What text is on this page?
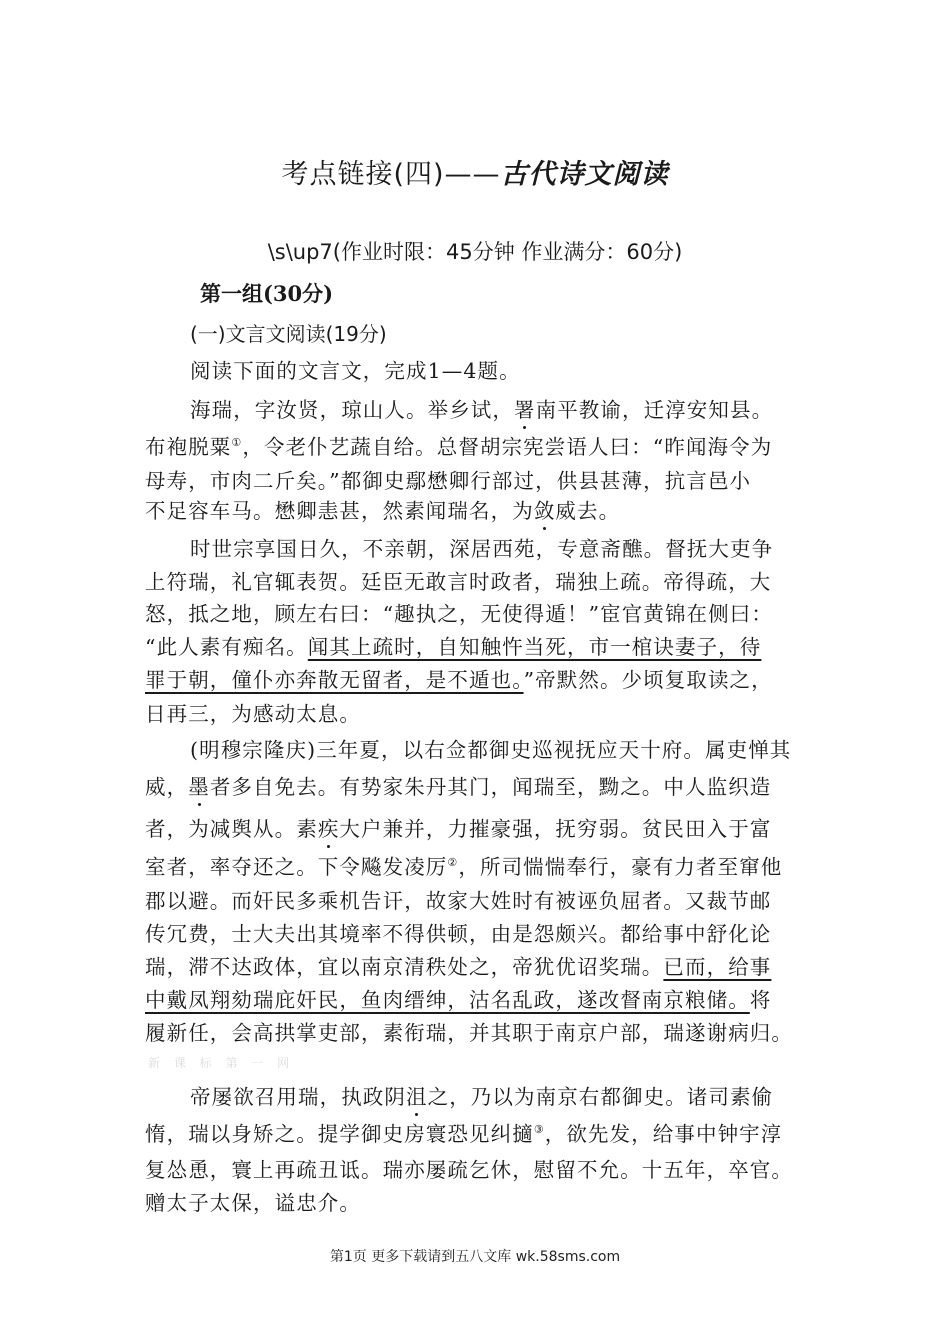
考点链接(四)——古代诗文阅读
\s\up7(作业时限：45分钟 作业满分：60分)
第一组(30分)
(一)文言文阅读(19分)
阅读下面的文言文，完成1—4题。
海瑞，字汝贤，琼山人。举乡试，署南平教谕，迁淳安知县。
布袍脱粟①，令老仆艺蔬自给。总督胡宗宪尝语人曰：“昨闻海令为
母寿，市肉二斤矣。”都御史鄢懋卿行部过，供县甚薄，抗言邑小
不足容车马。懋卿恚甚，然素闻瑞名，为敛威去。
时世宗享国日久，不亲朝，深居西苑，专意斋醮。督抚大吏争
上符瑞，礼官辄表贺。廷臣无敢言时政者，瑞独上疏。帝得疏，大
怒，抵之地，顾左右曰：“趣执之，无使得遁！”宦官黄锦在侧曰：
“此人素有痴名。闻其上疏时，自知触忤当死，市一棺诀妻子，待
罪于朝，僮仆亦奔散无留者，是不遁也。”帝默然。少顷复取读之，
日再三，为感动太息。
(明穆宗隆庆)三年夏，以右佥都御史巡视抚应天十府。属吏惮其
威，墨者多自免去。有势家朱丹其门，闻瑞至，黝之。中人监织造
者，为减舆从。素疾大户兼并，力摧豪强，抚穷弱。贫民田入于富
室者，率夺还之。下令飚发凌厉②，所司惴惴奉行，豪有力者至窜他
郡以避。而奸民多乘机告讦，故家大姓时有被诬负屈者。又裁节邮
传冗费，士大夫出其境率不得供顿，由是怨颇兴。都给事中舒化论
瑞，滞不达政体，宜以南京清秩处之，帝犹优诏奖瑞。已而，给事
中戴凤翔劾瑞庇奸民，鱼肉缙绅，沽名乱政，遂改督南京粮储。将
履新任，会高拱掌吏部，素衔瑞，并其职于南京户部，瑞遂谢病归。
新 课 标 第 一 网
帝屡欲召用瑞，执政阴沮之，乃以为南京右都御史。诸司素偷
惰，瑞以身矫之。提学御史房寰恐见纠擿③，欲先发，给事中钟宇淳
复怂恿，寰上再疏丑诋。瑞亦屡疏乞休，慰留不允。十五年，卒官。
赠太子太保，谥忠介。
第1页 更多下载请到五八文库 wk.58sms.com
